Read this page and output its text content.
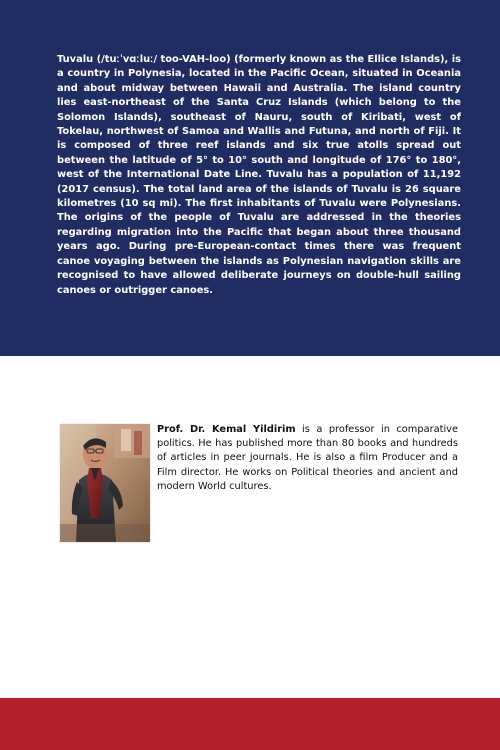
Tuvalu (/tuːˈvɑːluː/ too-VAH-loo) (formerly known as the Ellice Islands), is a country in Polynesia, located in the Pacific Ocean, situated in Oceania and about midway between Hawaii and Australia. The island country lies east-northeast of the Santa Cruz Islands (which belong to the Solomon Islands), southeast of Nauru, south of Kiribati, west of Tokelau, northwest of Samoa and Wallis and Futuna, and north of Fiji. It is composed of three reef islands and six true atolls spread out between the latitude of 5° to 10° south and longitude of 176° to 180°, west of the International Date Line. Tuvalu has a population of 11,192 (2017 census). The total land area of the islands of Tuvalu is 26 square kilometres (10 sq mi). The first inhabitants of Tuvalu were Polynesians. The origins of the people of Tuvalu are addressed in the theories regarding migration into the Pacific that began about three thousand years ago. During pre-European-contact times there was frequent canoe voyaging between the islands as Polynesian navigation skills are recognised to have allowed deliberate journeys on double-hull sailing canoes or outrigger canoes.

Prof. Dr. Kemal Yildirim is a professor in comparative politics. He has published more than 80 books and hundreds of articles in peer journals. He is also a film Producer and a Film director. He works on Political theories and ancient and modern World cultures.
